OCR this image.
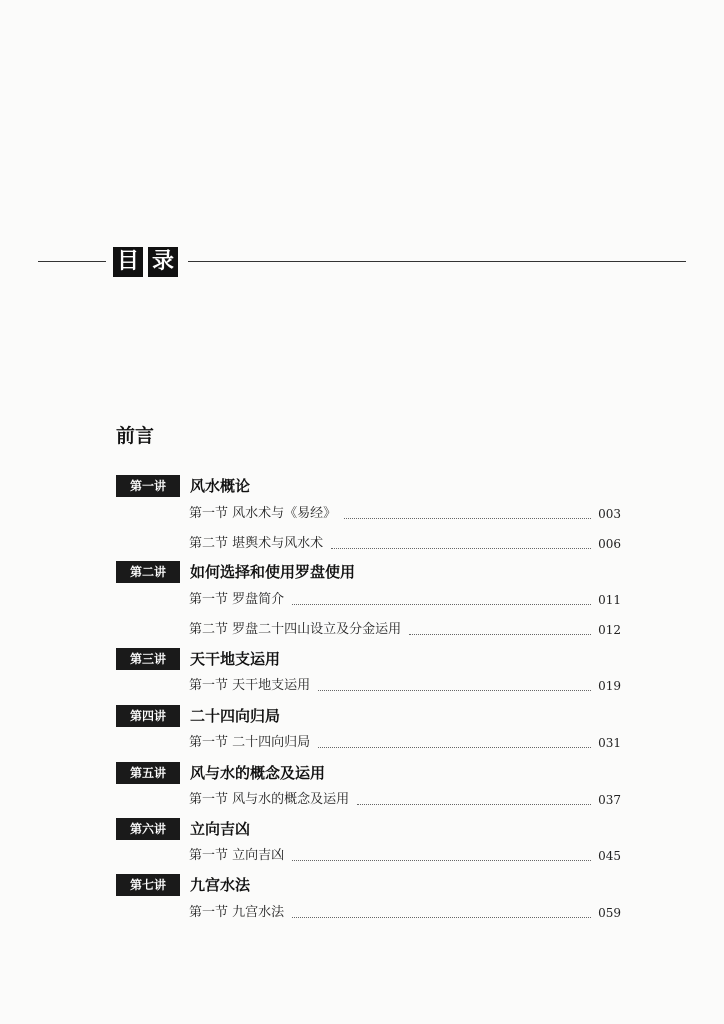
目 录
前言
第一讲	风水概论
第一节 风水术与《易经》	003
第二节 堪舆术与风水术	006
第二讲	如何选择和使用罗盘使用
第一节 罗盘简介	011
第二节 罗盘二十四山设立及分金运用	012
第三讲	天干地支运用
第一节 天干地支运用	019
第四讲	二十四向归局
第一节 二十四向归局	031
第五讲	风与水的概念及运用
第一节 风与水的概念及运用	037
第六讲	立向吉凶
第一节 立向吉凶	045
第七讲	九宫水法
第一节 九宫水法	059
